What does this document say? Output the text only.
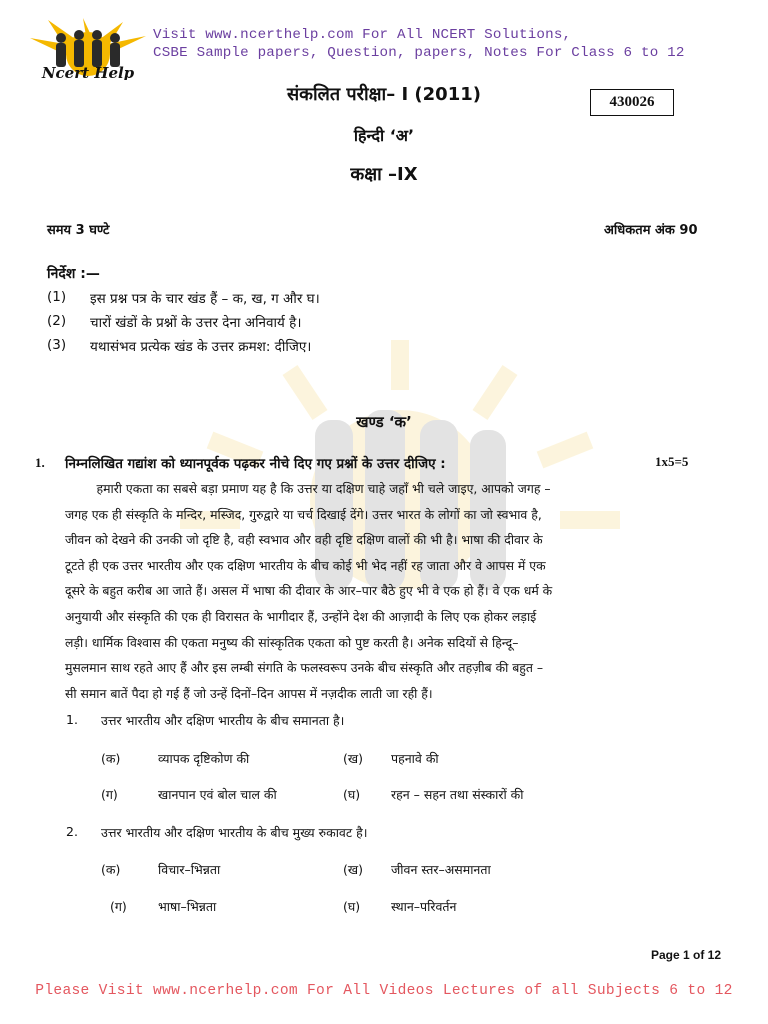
Ncert Help
Visit www.ncerthelp.com For All NCERT Solutions,
CSBE Sample papers, Question, papers, Notes For Class 6 to 12
संकलित परीक्षा– I (2011)	430026
हिन्दी ‘अ’
कक्षा –IX
समय 3 घण्टे	अधिकतम अंक 90
निर्देश :—
(1) इस प्रश्न पत्र के चार खंड हैं – क, ख, ग और घ।
(2) चारों खंडों के प्रश्नों के उत्तर देना अनिवार्य है।
(3) यथासंभव प्रत्येक खंड के उत्तर क्रमश: दीजिए।
खण्ड ‘क’
1. निम्नलिखित गद्यांश को ध्यानपूर्वक पढ़कर नीचे दिए गए प्रश्नों के उत्तर दीजिए :	1x5=5
हमारी एकता का सबसे बड़ा प्रमाण यह है कि उत्तर या दक्षिण चाहे जहाँ भी चले जाइए, आपको जगह –
जगह एक ही संस्कृति के मन्दिर, मस्जिद, गुरुद्वारे या चर्च दिखाई देंगे। उत्तर भारत के लोगों का जो स्वभाव है,
जीवन को देखने की उनकी जो दृष्टि है, वही स्वभाव और वही दृष्टि दक्षिण वालों की भी है। भाषा की दीवार के
टूटते ही एक उत्तर भारतीय और एक दक्षिण भारतीय के बीच कोई भी भेद नहीं रह जाता और वे आपस में एक
दूसरे के बहुत करीब आ जाते हैं। असल में भाषा की दीवार के आर–पार बैठे हुए भी वे एक हो हैं। वे एक धर्म के
अनुयायी और संस्कृति की एक ही विरासत के भागीदार हैं, उन्होंने देश की आज़ादी के लिए एक होकर लड़ाई
लड़ी। धार्मिक विश्वास की एकता मनुष्य की सांस्कृतिक एकता को पुष्ट करती है। अनेक सदियों से हिन्दू–
मुसलमान साथ रहते आए हैं और इस लम्बी संगति के फलस्वरूप उनके बीच संस्कृति और तहज़ीब की बहुत –
सी समान बातें पैदा हो गई हैं जो उन्हें दिनों–दिन आपस में नज़दीक लाती जा रही हैं।
1. उत्तर भारतीय और दक्षिण भारतीय के बीच समानता है।
(क)	व्यापक दृष्टिकोण की	(ख) पहनावे की
(ग)	खानपान एवं बोल चाल की	(घ) रहन – सहन तथा संस्कारों की
2. उत्तर भारतीय और दक्षिण भारतीय के बीच मुख्य रुकावट है।
(क)	विचार–भिन्नता	(ख) जीवन स्तर–असमानता
(ग) भाषा–भिन्नता	(घ) स्थान–परिवर्तन
Page 1 of 12
Please Visit www.ncerhelp.com For All Videos Lectures of all Subjects 6 to 12
